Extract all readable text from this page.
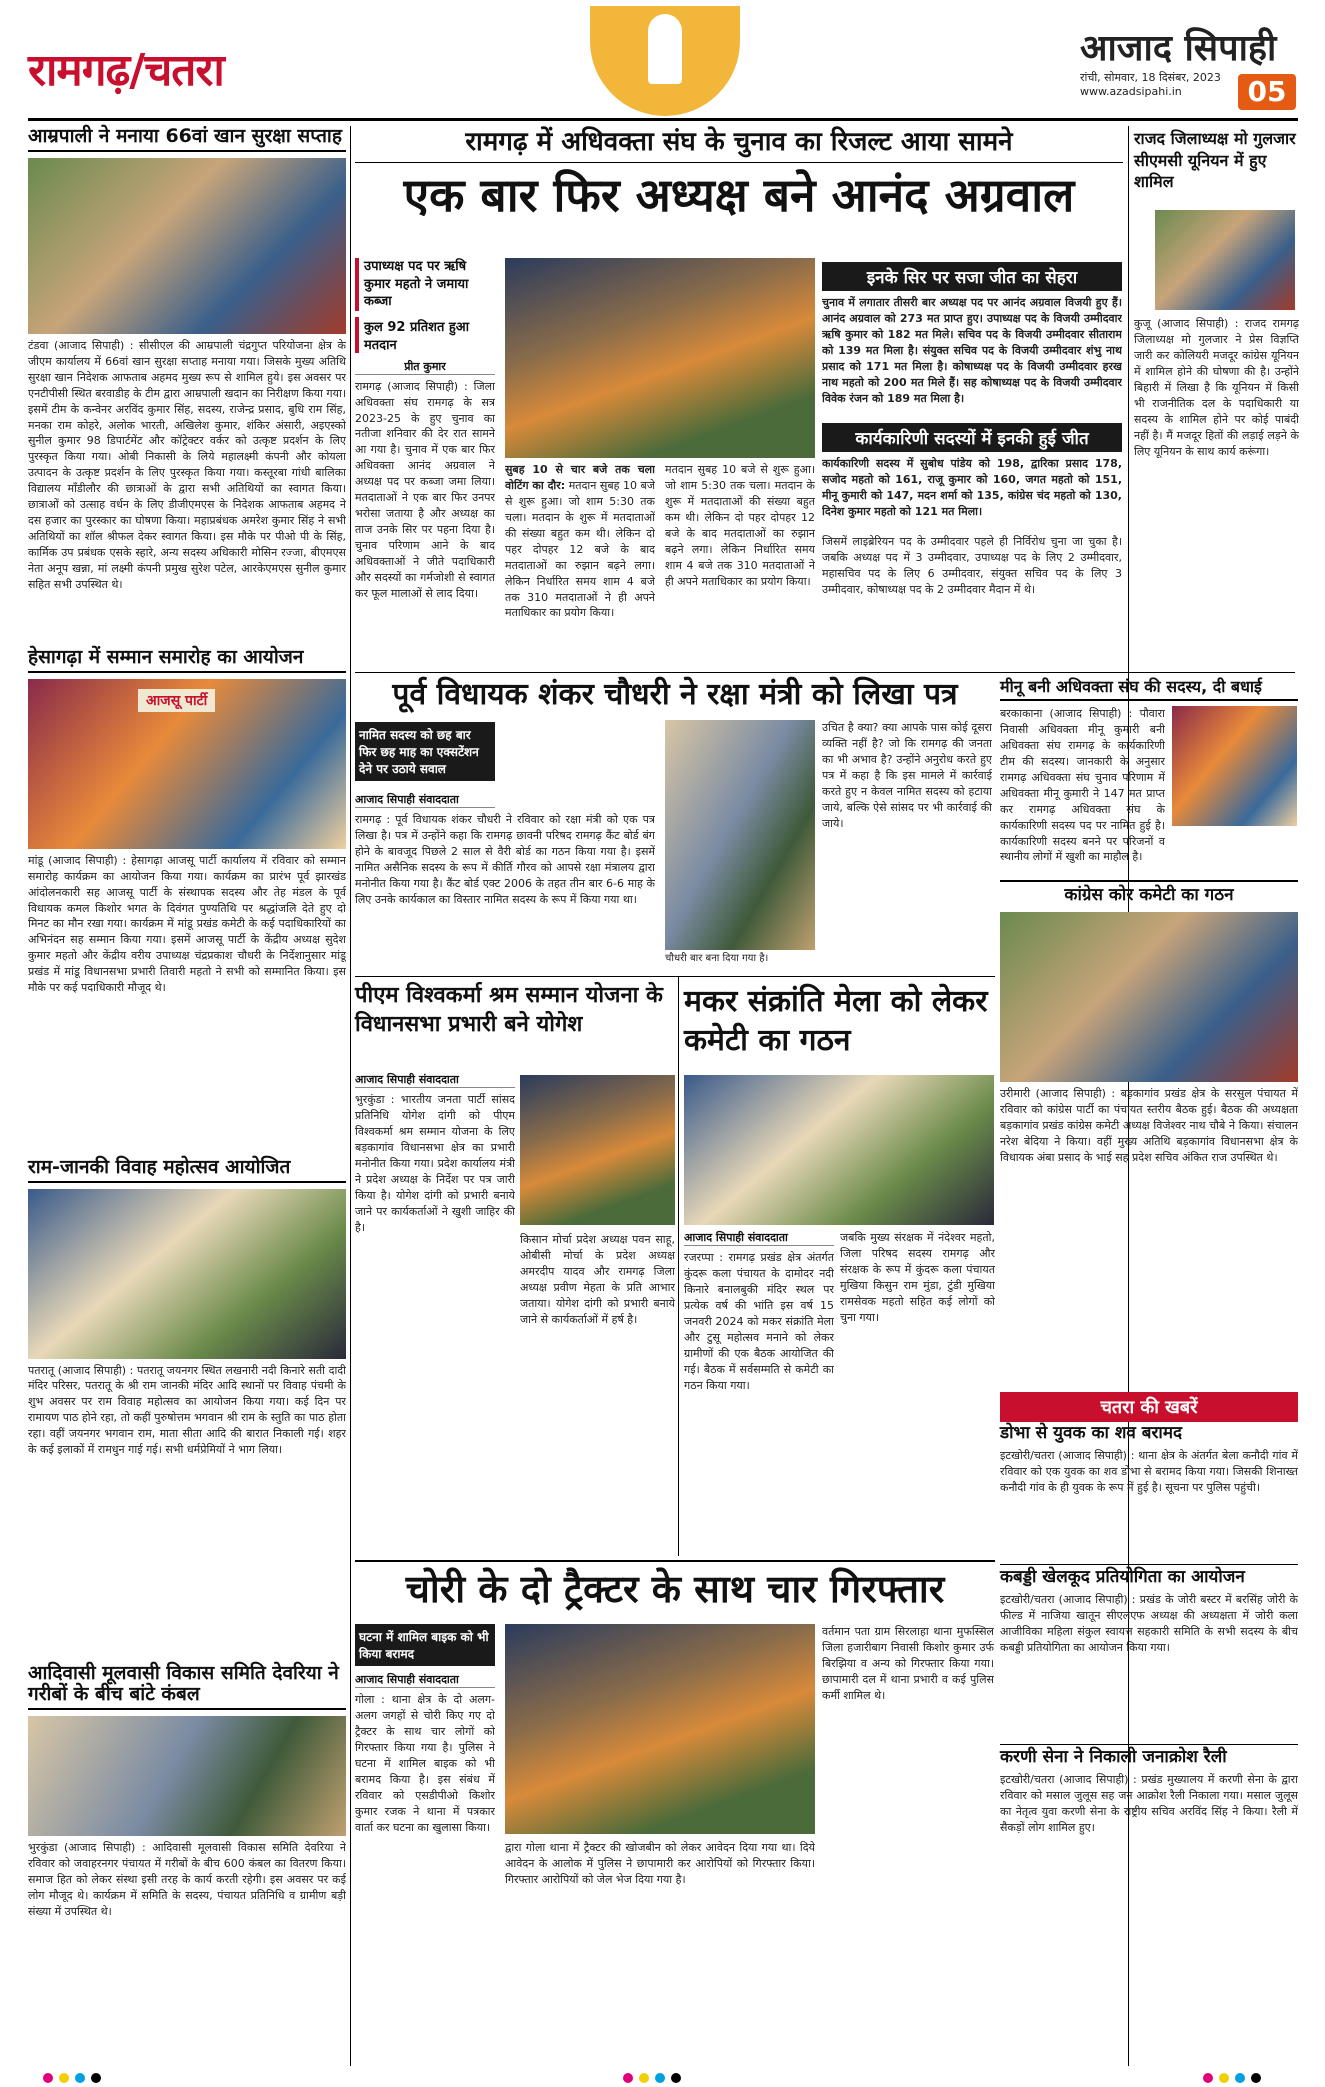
रामगढ़/चतरा	आजाद सिपाही
रांची, सोमवार, 18 दिसंबर, 2023
www.azadsipahi.in	05
आम्रपाली ने मनाया 66वां खान सुरक्षा सप्ताह
टंडवा (आजाद सिपाही) : सीसीएल की आम्रपाली चंद्रगुप्त परियोजना क्षेत्र के जीएम कार्यालय में 66वां खान सुरक्षा सप्ताह मनाया गया। जिसके मुख्य अतिथि सुरक्षा खान निदेशक आफताब अहमद मुख्य रूप से शामिल हुये। इस अवसर पर एनटीपीसी स्थित बरवाडीह के टीम द्वारा आम्रपाली खदान का निरीक्षण किया गया। इसमें टीम के कन्वेनर अरविंद कुमार सिंह, सदस्य, राजेन्द्र प्रसाद, बुधि राम सिंह, मनका राम कोहरे, अलोक भारती, अखिलेश कुमार, शंकिर अंसारी, अइएस्को सुनील कुमार 98 डिपार्टमेंट और कॉट्रेक्टर वर्कर को उत्कृष्ट प्रदर्शन के लिए पुरस्कृत किया गया। ओबी निकासी के लिये महालक्ष्मी कंपनी और कोयला उत्पादन के उत्कृष्ट प्रदर्शन के लिए पुरस्कृत किया गया। कस्तूरबा गांधी बालिका विद्यालय माँडीलौर की छात्राओं के द्वारा सभी अतिथियों का स्वागत किया। छात्राओं को उत्साह वर्धन के लिए डीजीएमएस के निदेशक आफताब अहमद ने दस हजार का पुरस्कार का घोषणा किया। महाप्रबंधक अमरेश कुमार सिंह ने सभी अतिथियों का शॉल श्रीफल देकर स्वागत किया। इस मौके पर पीओ पी के सिंह, कार्मिक उप प्रबंधक एसके स्हारे, अन्य सदस्य अधिकारी मोसिन रज्जा, बीएमएस नेता अनूप खन्ना, मां लक्ष्मी कंपनी प्रमुख सुरेश पटेल, आरकेएमएस सुनील कुमार सहित सभी उपस्थित थे।
हेसागढ़ा में सम्मान समारोह का आयोजन
आजसू पार्टी
मांडू (आजाद सिपाही) : हेसागढ़ा आजसू पार्टी कार्यालय में रविवार को सम्मान समारोह कार्यक्रम का आयोजन किया गया। कार्यक्रम का प्रारंभ पूर्व झारखंड आंदोलनकारी सह आजसू पार्टी के संस्थापक सदस्य और तेह मंडल के पूर्व विधायक कमल किशोर भगत के दिवंगत पुण्यतिथि पर श्रद्धांजलि देते हुए दो मिनट का मौन रखा गया। कार्यक्रम में मांडू प्रखंड कमेटी के कई पदाधिकारियों का अभिनंदन सह सम्मान किया गया। इसमें आजसू पार्टी के केंद्रीय अध्यक्ष सुदेश कुमार महतो और केंद्रीय वरीय उपाध्यक्ष चंद्रप्रकाश चौधरी के निर्देशानुसार मांडू प्रखंड में मांडू विधानसभा प्रभारी तिवारी महतो ने सभी को सम्मानित किया। इस मौके पर कई पदाधिकारी मौजूद थे।
राम-जानकी विवाह महोत्सव आयोजित
पतरातू (आजाद सिपाही) : पतरातू जयनगर स्थित लखनारी नदी किनारे सती दादी मंदिर परिसर, पतरातू के श्री राम जानकी मंदिर आदि स्थानों पर विवाह पंचमी के शुभ अवसर पर राम विवाह महोत्सव का आयोजन किया गया। कई दिन पर रामायण पाठ होने रहा, तो कहीं पुरुषोत्तम भगवान श्री राम के स्तुति का पाठ होता रहा। वहीं जयनगर भगवान राम, माता सीता आदि की बारात निकाली गई। शहर के कई इलाकों में रामधुन गाई गई। सभी धर्मप्रेमियों ने भाग लिया।
आदिवासी मूलवासी विकास समिति देवरिया ने गरीबों के बीच बांटे कंबल
भुरकुंडा (आजाद सिपाही) : आदिवासी मूलवासी विकास समिति देवरिया ने रविवार को जवाहरनगर पंचायत में गरीबों के बीच 600 कंबल का वितरण किया। समाज हित को लेकर संस्था इसी तरह के कार्य करती रहेगी। इस अवसर पर कई लोग मौजूद थे। कार्यक्रम में समिति के सदस्य, पंचायत प्रतिनिधि व ग्रामीण बड़ी संख्या में उपस्थित थे।
रामगढ़ में अधिवक्ता संघ के चुनाव का रिजल्ट आया सामने
एक बार फिर अध्यक्ष बने आनंद अग्रवाल
उपाध्यक्ष पद पर ऋषि कुमार महतो ने जमाया कब्जा
कुल 92 प्रतिशत हुआ मतदान
प्रीत कुमार
रामगढ़ (आजाद सिपाही) : जिला अधिवक्ता संघ रामगढ़ के सत्र 2023-25 के हुए चुनाव का नतीजा शनिवार की देर रात सामने आ गया है। चुनाव में एक बार फिर अधिवक्ता आनंद अग्रवाल ने अध्यक्ष पद पर कब्जा जमा लिया। मतदाताओं ने एक बार फिर उनपर भरोसा जताया है और अध्यक्ष का ताज उनके सिर पर पहना दिया है। चुनाव परिणाम आने के बाद अधिवक्ताओं ने जीते पदाधिकारी और सदस्यों का गर्मजोशी से स्वागत कर फूल मालाओं से लाद दिया।
सुबह 10 से चार बजे तक चला वोटिंग का दौर: मतदान सुबह 10 बजे से शुरू हुआ। जो शाम 5:30 तक चला। मतदान के शुरू में मतदाताओं की संख्या बहुत कम थी। लेकिन दो पहर दोपहर 12 बजे के बाद मतदाताओं का रुझान बढ़ने लगा। लेकिन निर्धारित समय शाम 4 बजे तक 310 मतदाताओं ने ही अपने मताधिकार का प्रयोग किया।
मतदान सुबह 10 बजे से शुरू हुआ। जो शाम 5:30 तक चला। मतदान के शुरू में मतदाताओं की संख्या बहुत कम थी। लेकिन दो पहर दोपहर 12 बजे के बाद मतदाताओं का रुझान बढ़ने लगा। लेकिन निर्धारित समय शाम 4 बजे तक 310 मतदाताओं ने ही अपने मताधिकार का प्रयोग किया।
इनके सिर पर सजा जीत का सेहरा
चुनाव में लगातार तीसरी बार अध्यक्ष पद पर आनंद अग्रवाल विजयी हुए हैं। आनंद अग्रवाल को 273 मत प्राप्त हुए। उपाध्यक्ष पद के विजयी उम्मीदवार ऋषि कुमार को 182 मत मिले। सचिव पद के विजयी उम्मीदवार सीताराम को 139 मत मिला है। संयुक्त सचिव पद के विजयी उम्मीदवार शंभु नाथ प्रसाद को 171 मत मिला है। कोषाध्यक्ष पद के विजयी उम्मीदवार हरख नाथ महतो को 200 मत मिले हैं। सह कोषाध्यक्ष पद के विजयी उम्मीदवार विवेक रंजन को 189 मत मिला है।
कार्यकारिणी सदस्यों में इनकी हुई जीत
कार्यकारिणी सदस्य में सुबोध पांडेय को 198, द्वारिका प्रसाद 178, सजोद महतो को 161, राजू कुमार को 160, जगत महतो को 151, मीनू कुमारी को 147, मदन शर्मा को 135, कांग्रेस चंद महतो को 130, दिनेश कुमार महतो को 121 मत मिला।
जिसमें लाइब्रेरियन पद के उम्मीदवार पहले ही निर्विरोध चुना जा चुका है। जबकि अध्यक्ष पद में 3 उम्मीदवार, उपाध्यक्ष पद के लिए 2 उम्मीदवार, महासचिव पद के लिए 6 उम्मीदवार, संयुक्त सचिव पद के लिए 3 उम्मीदवार, कोषाध्यक्ष पद के 2 उम्मीदवार मैदान में थे।
राजद जिलाध्यक्ष मो गुलजार सीएमसी यूनियन में हुए शामिल
कुजू (आजाद सिपाही) : राजद रामगढ़ जिलाध्यक्ष मो गुलजार ने प्रेस विज्ञप्ति जारी कर कोलियरी मजदूर कांग्रेस यूनियन में शामिल होने की घोषणा की है। उन्होंने बिहारी में लिखा है कि यूनियन में किसी भी राजनीतिक दल के पदाधिकारी या सदस्य के शामिल होने पर कोई पाबंदी नहीं है। मैं मजदूर हितों की लड़ाई लड़ने के लिए यूनियन के साथ कार्य करूंगा।
पूर्व विधायक शंकर चौधरी ने रक्षा मंत्री को लिखा पत्र
नामित सदस्य को छह बार फिर छह माह का एक्सटेंशन देने पर उठाये सवाल
आजाद सिपाही संवाददाता
रामगढ़ : पूर्व विधायक शंकर चौधरी ने रविवार को रक्षा मंत्री को एक पत्र लिखा है। पत्र में उन्होंने कहा कि रामगढ़ छावनी परिषद रामगढ़ कैंट बोर्ड बंग होने के बावजूद पिछले 2 साल से वैरी बोर्ड का गठन किया गया है। इसमें नामित असैनिक सदस्य के रूप में कीर्ति गौरव को आपसे रक्षा मंत्रालय द्वारा मनोनीत किया गया है। कैंट बोर्ड एक्ट 2006 के तहत तीन बार 6-6 माह के लिए उनके कार्यकाल का विस्तार नामित सदस्य के रूप में किया गया था।
चौधरी बार बना दिया गया है।
उचित है क्या? क्या आपके पास कोई दूसरा व्यक्ति नहीं है? जो कि रामगढ़ की जनता का भी अभाव है? उन्होंने अनुरोध करते हुए पत्र में कहा है कि इस मामले में कार्रवाई करते हुए न केवल नामित सदस्य को हटाया जाये, बल्कि ऐसे सांसद पर भी कार्रवाई की जाये।
मीनू बनी अधिवक्ता संघ की सदस्य, दी बधाई
बरकाकाना (आजाद सिपाही) : पौवारा निवासी अधिवक्ता मीनू कुमारी बनी अधिवक्ता संघ रामगढ़ के कार्यकारिणी टीम की सदस्य। जानकारी के अनुसार रामगढ़ अधिवक्ता संघ चुनाव परिणाम में अधिवक्ता मीनू कुमारी ने 147 मत प्राप्त कर रामगढ़ अधिवक्ता संघ के कार्यकारिणी सदस्य पद पर नामित हुई है। कार्यकारिणी सदस्य बनने पर परिजनों व स्थानीय लोगों में खुशी का माहौल है।
कांग्रेस कोर कमेटी का गठन
उरीमारी (आजाद सिपाही) : बड़कागांव प्रखंड क्षेत्र के सरसुल पंचायत में रविवार को कांग्रेस पार्टी का पंचायत स्तरीय बैठक हुई। बैठक की अध्यक्षता बड़कागांव प्रखंड कांग्रेस कमेटी अध्यक्ष विजेश्वर नाथ चौबे ने किया। संचालन नरेश बेदिया ने किया। वहीं मुख्य अतिथि बड़कागांव विधानसभा क्षेत्र के विधायक अंबा प्रसाद के भाई सह प्रदेश सचिव अंकित राज उपस्थित थे।
पीएम विश्वकर्मा श्रम सम्मान योजना के विधानसभा प्रभारी बने योगेश
आजाद सिपाही संवाददाता
भुरकुंडा : भारतीय जनता पार्टी सांसद प्रतिनिधि योगेश दांगी को पीएम विश्वकर्मा श्रम सम्मान योजना के लिए बड़कागांव विधानसभा क्षेत्र का प्रभारी मनोनीत किया गया। प्रदेश कार्यालय मंत्री ने प्रदेश अध्यक्ष के निर्देश पर पत्र जारी किया है। योगेश दांगी को प्रभारी बनाये जाने पर कार्यकर्ताओं ने खुशी जाहिर की है।
किसान मोर्चा प्रदेश अध्यक्ष पवन साहू, ओबीसी मोर्चा के प्रदेश अध्यक्ष अमरदीप यादव और रामगढ़ जिला अध्यक्ष प्रवीण मेहता के प्रति आभार जताया। योगेश दांगी को प्रभारी बनाये जाने से कार्यकर्ताओं में हर्ष है।
मकर संक्रांति मेला को लेकर कमेटी का गठन
आजाद सिपाही संवाददाता
रजरप्पा : रामगढ़ प्रखंड क्षेत्र अंतर्गत कुंदरू कला पंचायत के दामोदर नदी किनारे बनालबुकी मंदिर स्थल पर प्रत्येक वर्ष की भांति इस वर्ष 15 जनवरी 2024 को मकर संक्रांति मेला और टुसू महोत्सव मनाने को लेकर ग्रामीणों की एक बैठक आयोजित की गई। बैठक में सर्वसम्मति से कमेटी का गठन किया गया।
जबकि मुख्य संरक्षक में नंदेश्वर महतो, जिला परिषद सदस्य रामगढ़ और संरक्षक के रूप में कुंदरू कला पंचायत मुखिया किसुन राम मुंडा, टुंडी मुखिया रामसेवक महतो सहित कई लोगों को चुना गया।
चतरा की खबरें
डोभा से युवक का शव बरामद
इटखोरी/चतरा (आजाद सिपाही) : थाना क्षेत्र के अंतर्गत बेला कनौदी गांव में रविवार को एक युवक का शव डोभा से बरामद किया गया। जिसकी शिनाख्त कनौदी गांव के ही युवक के रूप में हुई है। सूचना पर पुलिस पहुंची।
कबड्डी खेलकूद प्रतियोगिता का आयोजन
इटखोरी/चतरा (आजाद सिपाही) : प्रखंड के जोरी बस्टर में बरसिंह जोरी के फील्ड में नाजिया खातून सीएलएफ अध्यक्ष की अध्यक्षता में जोरी कला आजीविका महिला संकुल स्वायत्त सहकारी समिति के सभी सदस्य के बीच कबड्डी प्रतियोगिता का आयोजन किया गया।
करणी सेना ने निकाली जनाक्रोश रैली
इटखोरी/चतरा (आजाद सिपाही) : प्रखंड मुख्यालय में करणी सेना के द्वारा रविवार को मसाल जुलूस सह जन आक्रोश रैली निकाला गया। मसाल जुलूस का नेतृत्व युवा करणी सेना के राष्ट्रीय सचिव अरविंद सिंह ने किया। रैली में सैकड़ों लोग शामिल हुए।
चोरी के दो ट्रैक्टर के साथ चार गिरफ्तार
घटना में शामिल बाइक को भी किया बरामद
आजाद सिपाही संवाददाता
गोला : थाना क्षेत्र के दो अलग-अलग जगहों से चोरी किए गए दो ट्रैक्टर के साथ चार लोगों को गिरफ्तार किया गया है। पुलिस ने घटना में शामिल बाइक को भी बरामद किया है। इस संबंध में रविवार को एसडीपीओ किशोर कुमार रजक ने थाना में पत्रकार वार्ता कर घटना का खुलासा किया।
द्वारा गोला थाना में ट्रैक्टर की खोजबीन को लेकर आवेदन दिया गया था। दिये आवेदन के आलोक में पुलिस ने छापामारी कर आरोपियों को गिरफ्तार किया। गिरफ्तार आरोपियों को जेल भेज दिया गया है।
वर्तमान पता ग्राम सिरलाहा थाना मुफस्सिल जिला हजारीबाग निवासी किशोर कुमार उर्फ बिरझिया व अन्य को गिरफ्तार किया गया। छापामारी दल में थाना प्रभारी व कई पुलिस कर्मी शामिल थे।
